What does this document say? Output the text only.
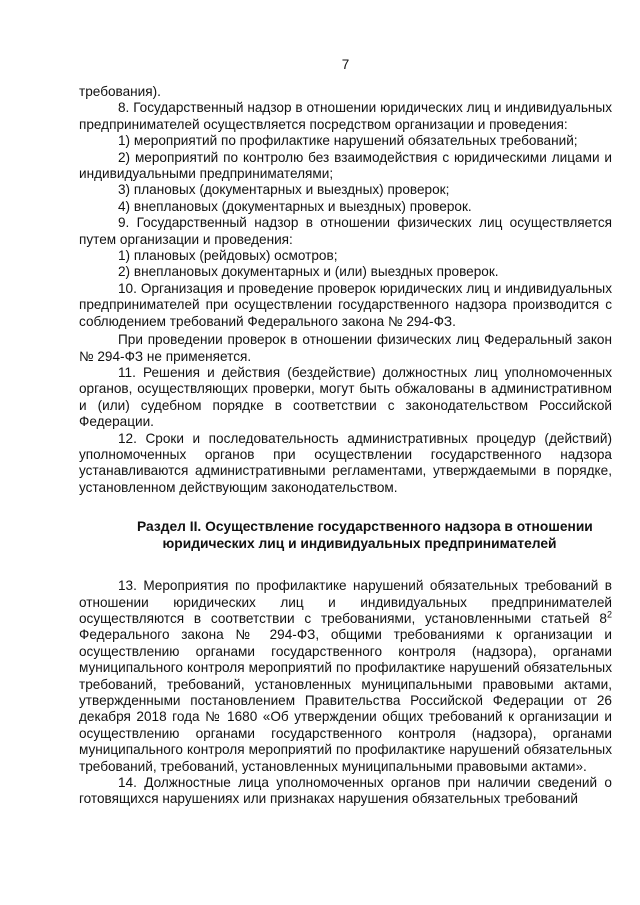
7

требования).

8. Государственный надзор в отношении юридических лиц и индивидуальных предпринимателей осуществляется посредством организации и проведения:

1) мероприятий по профилактике нарушений обязательных требований;

2) мероприятий по контролю без взаимодействия с юридическими лицами и индивидуальными предпринимателями;

3) плановых (документарных и выездных) проверок;

4) внеплановых (документарных и выездных) проверок.

9. Государственный надзор в отношении физических лиц осуществляется путем организации и проведения:

1) плановых (рейдовых) осмотров;

2) внеплановых документарных и (или) выездных проверок.

10. Организация и проведение проверок юридических лиц и индивидуальных предпринимателей при осуществлении государственного надзора производится с соблюдением требований Федерального закона № 294-ФЗ.

При проведении проверок в отношении физических лиц Федеральный закон № 294-ФЗ не применяется.

11. Решения и действия (бездействие) должностных лиц уполномоченных органов, осуществляющих проверки, могут быть обжалованы в административном и (или) судебном порядке в соответствии с законодательством Российской Федерации.

12. Сроки и последовательность административных процедур (действий) уполномоченных органов при осуществлении государственного надзора устанавливаются административными регламентами, утверждаемыми в порядке, установленном действующим законодательством.

Раздел II. Осуществление государственного надзора в отношении
юридических лиц и индивидуальных предпринимателей

13. Мероприятия по профилактике нарушений обязательных требований в отношении юридических лиц и индивидуальных предпринимателей осуществляются в соответствии с требованиями, установленными статьей $8^2$ Федерального закона № 294-ФЗ, общими требованиями к организации и осуществлению органами государственного контроля (надзора), органами муниципального контроля мероприятий по профилактике нарушений обязательных требований, требований, установленных муниципальными правовыми актами, утвержденными постановлением Правительства Российской Федерации от 26 декабря 2018 года № 1680 «Об утверждении общих требований к организации и осуществлению органами государственного контроля (надзора), органами муниципального контроля мероприятий по профилактике нарушений обязательных требований, требований, установленных муниципальными правовыми актами».

14. Должностные лица уполномоченных органов при наличии сведений о готовящихся нарушениях или признаках нарушения обязательных требований
